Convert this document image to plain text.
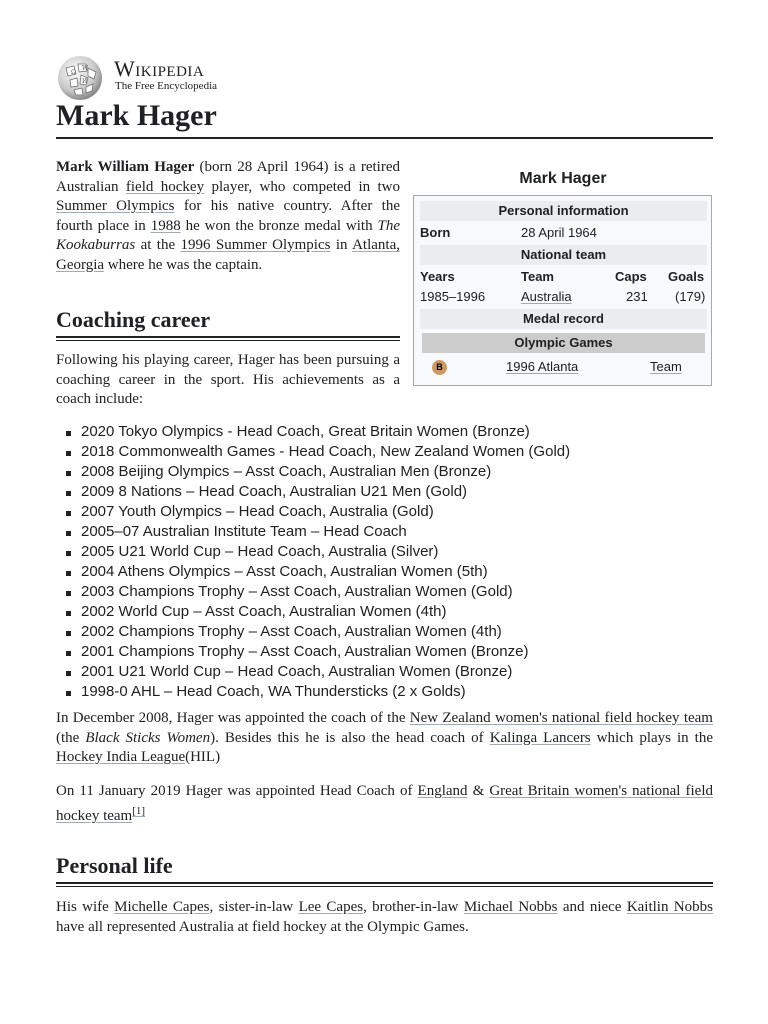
Ω
W
И
Wikipedia
The Free Encyclopedia
Mark Hager

Mark William Hager (born 28 April 1964) is a retired Australian field hockey player, who competed in two Summer Olympics for his native country. After the fourth place in 1988 he won the bronze medal with The Kookaburras at the 1996 Summer Olympics in Atlanta, Georgia where he was the captain.

Mark Hager
Personal information
Born	28 April 1964
National team
Years	Team	Caps Goals
1985–1996	Australia	231 (179)
Medal record
Olympic Games
B	1996 Atlanta	Team
Coaching career

Following his playing career, Hager has been pursuing a coaching career in the sport. His achievements as a coach include:

2020 Tokyo Olympics - Head Coach, Great Britain Women (Bronze)
2018 Commonwealth Games - Head Coach, New Zealand Women (Gold)
2008 Beijing Olympics – Asst Coach, Australian Men (Bronze)
2009 8 Nations – Head Coach, Australian U21 Men (Gold)
2007 Youth Olympics – Head Coach, Australia (Gold)
2005–07 Australian Institute Team – Head Coach
2005 U21 World Cup – Head Coach, Australia (Silver)
2004 Athens Olympics – Asst Coach, Australian Women (5th)
2003 Champions Trophy – Asst Coach, Australian Women (Gold)
2002 World Cup – Asst Coach, Australian Women (4th)
2002 Champions Trophy – Asst Coach, Australian Women (4th)
2001 Champions Trophy – Asst Coach, Australian Women (Bronze)
2001 U21 World Cup – Head Coach, Australian Women (Bronze)
1998-0 AHL – Head Coach, WA Thundersticks (2 x Golds)

In December 2008, Hager was appointed the coach of the New Zealand women's national field hockey team (the Black Sticks Women). Besides this he is also the head coach of Kalinga Lancers which plays in the Hockey India League(HIL)

On 11 January 2019 Hager was appointed Head Coach of England & Great Britain women's national field hockey team[1]

Personal life

His wife Michelle Capes, sister-in-law Lee Capes, brother-in-law Michael Nobbs and niece Kaitlin Nobbs have all represented Australia at field hockey at the Olympic Games.
